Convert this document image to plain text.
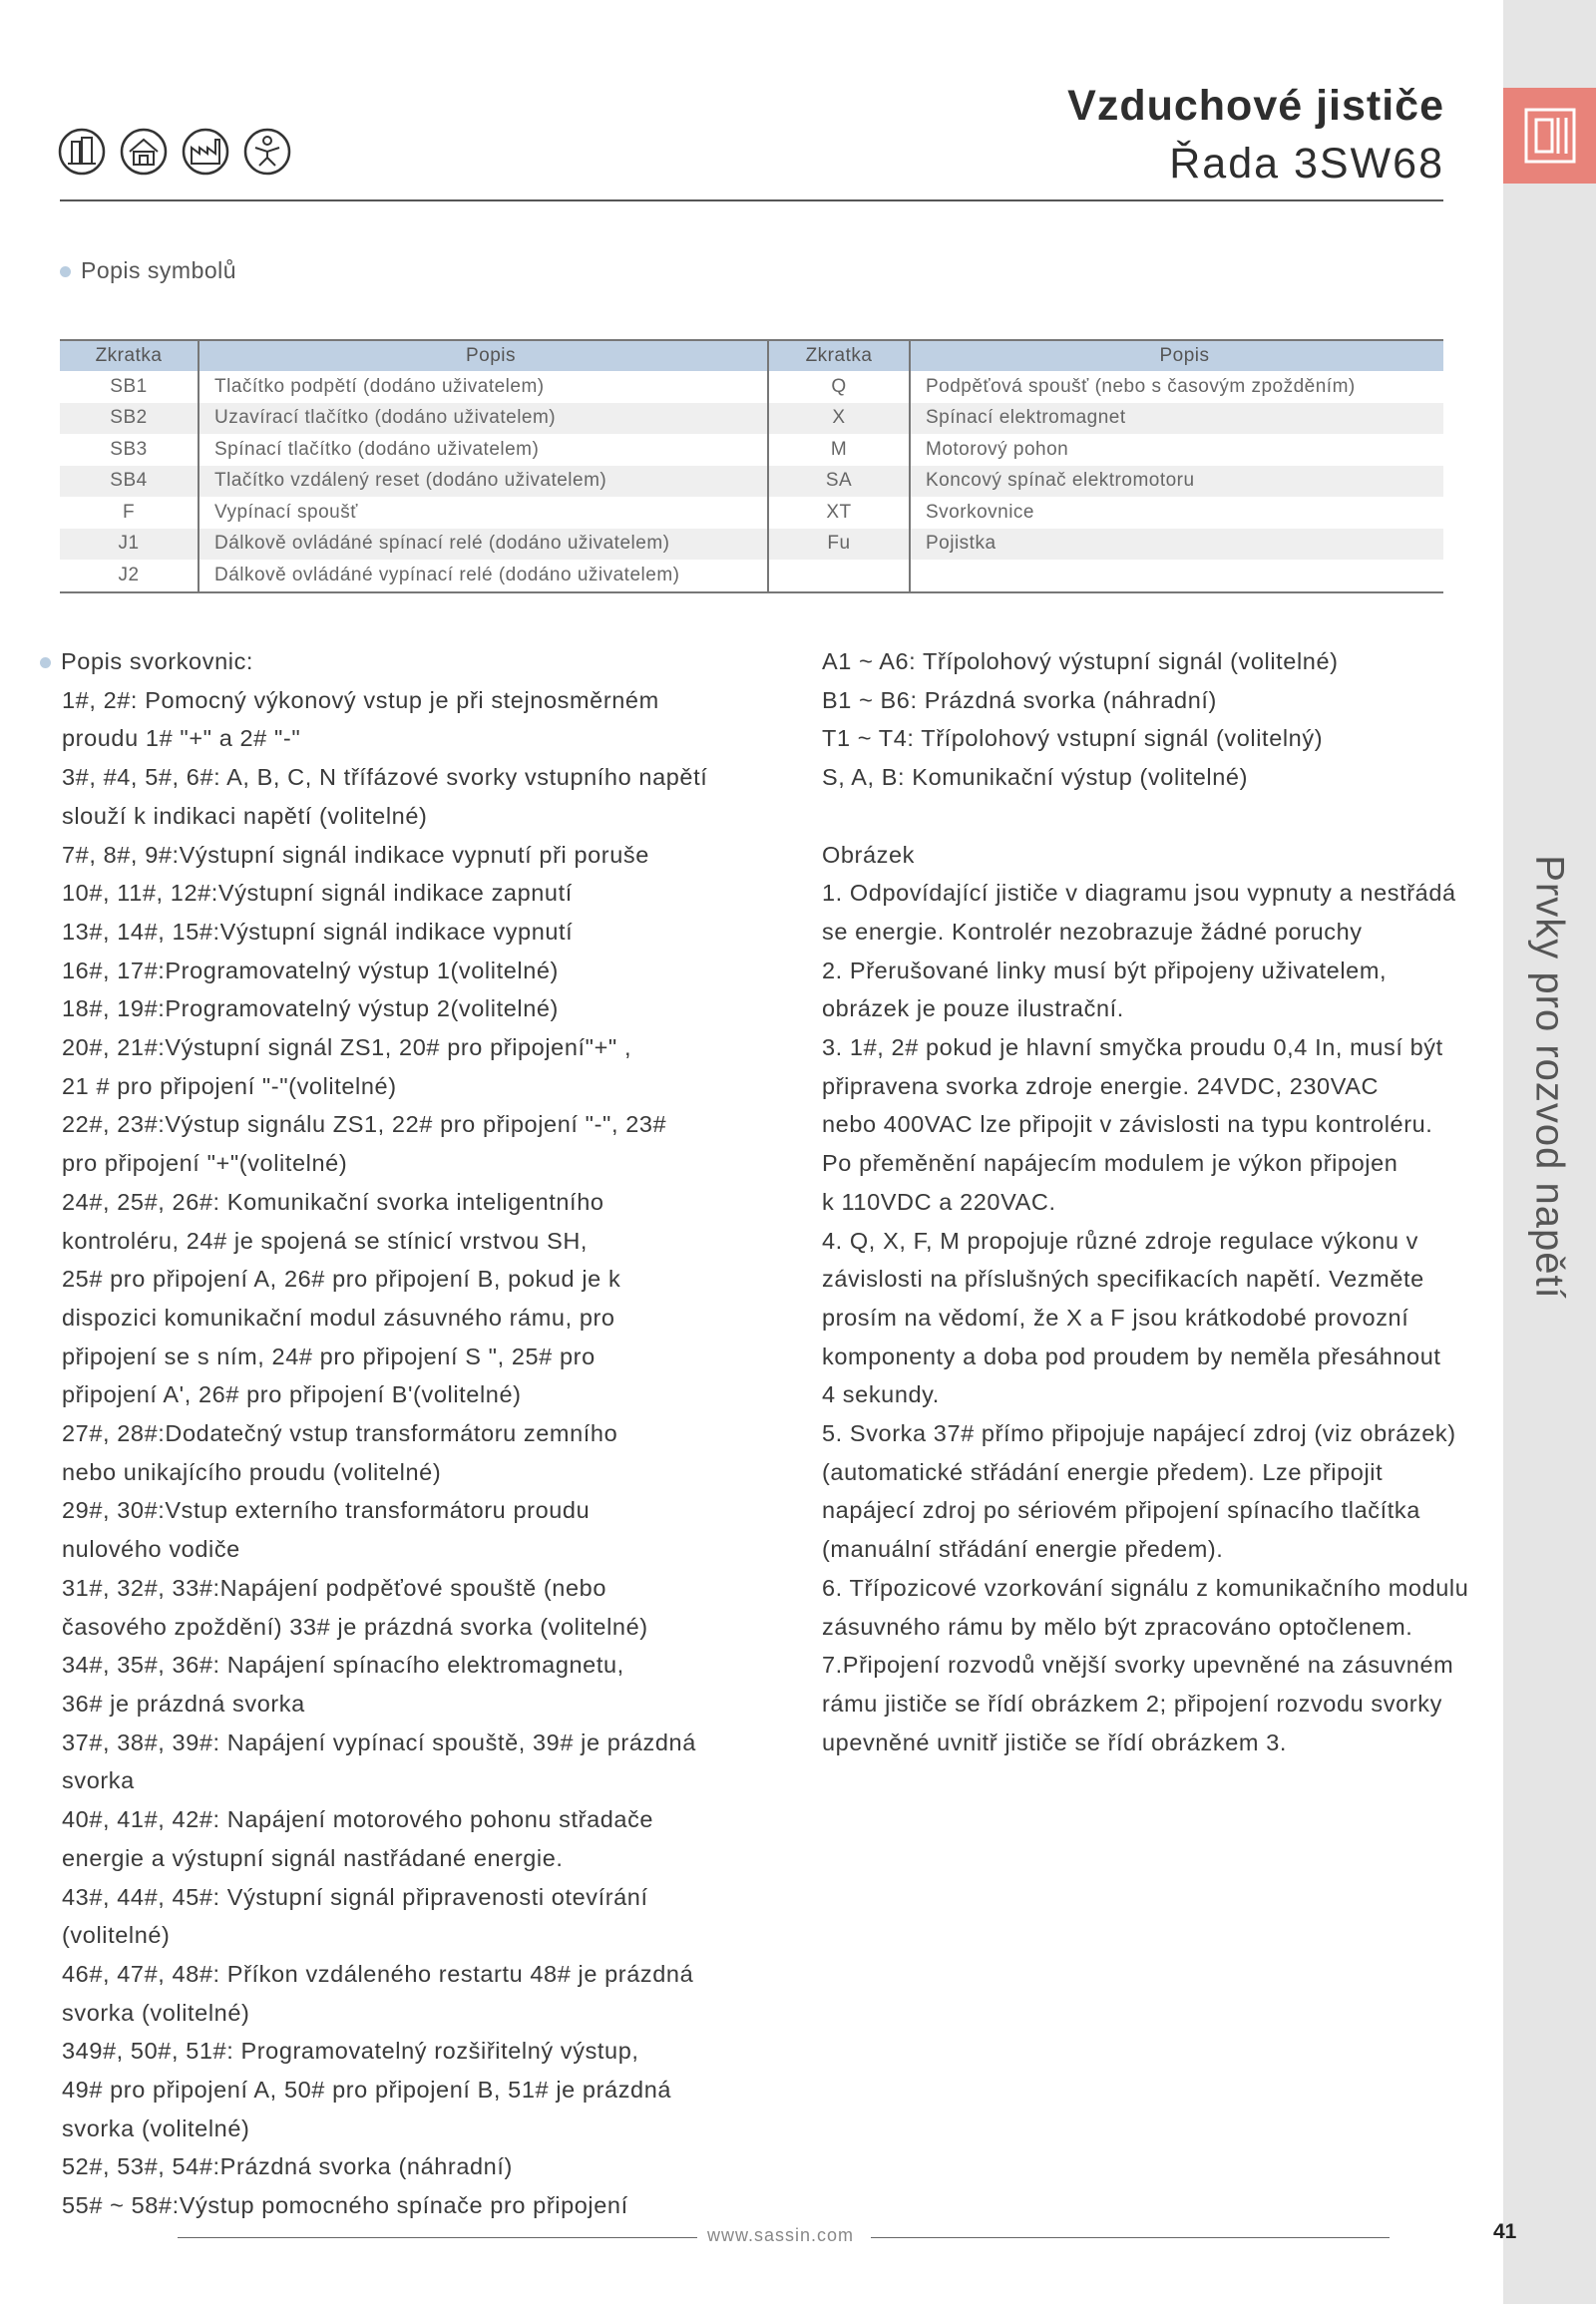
Prvky pro rozvod napětí
Vzduchové jističe
Řada 3SW68
Popis symbolů
Zkratka	Popis	Zkratka	Popis
SB1	Tlačítko podpětí (dodáno uživatelem)	Q	Podpěťová spoušť (nebo s časovým zpožděním)
SB2	Uzavírací tlačítko (dodáno uživatelem)	X	Spínací elektromagnet
SB3	Spínací tlačítko (dodáno uživatelem)	M	Motorový pohon
SB4	Tlačítko vzdálený reset (dodáno uživatelem)	SA	Koncový spínač elektromotoru
F	Vypínací spoušť	XT	Svorkovnice
J1	Dálkově ovládáné spínací relé (dodáno uživatelem)	Fu	Pojistka
J2	Dálkově ovládáné vypínací relé (dodáno uživatelem)		
Popis svorkovnic:
1#, 2#: Pomocný výkonový vstup je při stejnosměrném
proudu 1# "+" a 2# "-"
3#, #4, 5#, 6#: A, B, C, N třífázové svorky vstupního napětí
slouží k indikaci napětí (volitelné)
7#, 8#, 9#:Výstupní signál indikace vypnutí při poruše
10#, 11#, 12#:Výstupní signál indikace zapnutí
13#, 14#, 15#:Výstupní signál indikace vypnutí
16#, 17#:Programovatelný výstup 1(volitelné)
18#, 19#:Programovatelný výstup 2(volitelné)
20#, 21#:Výstupní signál ZS1, 20# pro připojení"+" ,
21 # pro připojení "-"(volitelné)
22#, 23#:Výstup signálu ZS1, 22# pro připojení "-", 23#
pro připojení "+"(volitelné)
24#, 25#, 26#: Komunikační svorka inteligentního
kontroléru, 24# je spojená se stínicí vrstvou SH,
25# pro připojení A, 26# pro připojení B, pokud je k
dispozici komunikační modul zásuvného rámu, pro
připojení se s ním, 24# pro připojení S ", 25# pro
připojení A', 26# pro připojení B'(volitelné)
27#, 28#:Dodatečný vstup transformátoru zemního
nebo unikajícího proudu (volitelné)
29#, 30#:Vstup externího transformátoru proudu
nulového vodiče
31#, 32#, 33#:Napájení podpěťové spouště (nebo
časového zpoždění) 33# je prázdná svorka (volitelné)
34#, 35#, 36#: Napájení spínacího elektromagnetu,
36# je prázdná svorka
37#, 38#, 39#: Napájení vypínací spouště, 39# je prázdná
svorka
40#, 41#, 42#: Napájení motorového pohonu střadače
energie a výstupní signál nastřádané energie.
43#, 44#, 45#: Výstupní signál připravenosti otevírání
(volitelné)
46#, 47#, 48#: Příkon vzdáleného restartu 48# je prázdná
svorka (volitelné)
349#, 50#, 51#: Programovatelný rozšiřitelný výstup,
49# pro připojení A, 50# pro připojení B, 51# je prázdná
svorka (volitelné)
52#, 53#, 54#:Prázdná svorka (náhradní)
55# ~ 58#:Výstup pomocného spínače pro připojení
A1 ~ A6: Třípolohový výstupní signál (volitelné)
B1 ~ B6: Prázdná svorka (náhradní)
T1 ~ T4: Třípolohový vstupní signál (volitelný)
S, A, B: Komunikační výstup (volitelné)
Obrázek
1. Odpovídající jističe v diagramu jsou vypnuty a nestřádá
se energie. Kontrolér nezobrazuje žádné poruchy
2. Přerušované linky musí být připojeny uživatelem,
obrázek je pouze ilustrační.
3. 1#, 2# pokud je hlavní smyčka proudu 0,4 In, musí být
připravena svorka zdroje energie. 24VDC, 230VAC
nebo 400VAC lze připojit v závislosti na typu kontroléru.
Po přeměnění napájecím modulem je výkon připojen
k 110VDC a 220VAC.
4. Q, X, F, M propojuje různé zdroje regulace výkonu v
závislosti na příslušných specifikacích napětí. Vezměte
prosím na vědomí, že X a F jsou krátkodobé provozní
komponenty a doba pod proudem by neměla přesáhnout
4 sekundy.
5. Svorka 37# přímo připojuje napájecí zdroj (viz obrázek)
(automatické střádání energie předem). Lze připojit
napájecí zdroj po sériovém připojení spínacího tlačítka
(manuální střádání energie předem).
6. Třípozicové vzorkování signálu z komunikačního modulu
zásuvného rámu by mělo být zpracováno optočlenem.
7.Připojení rozvodů vnější svorky upevněné na zásuvném
rámu jističe se řídí obrázkem 2; připojení rozvodu svorky
upevněné uvnitř jističe se řídí obrázkem 3.
www.sassin.com	41
